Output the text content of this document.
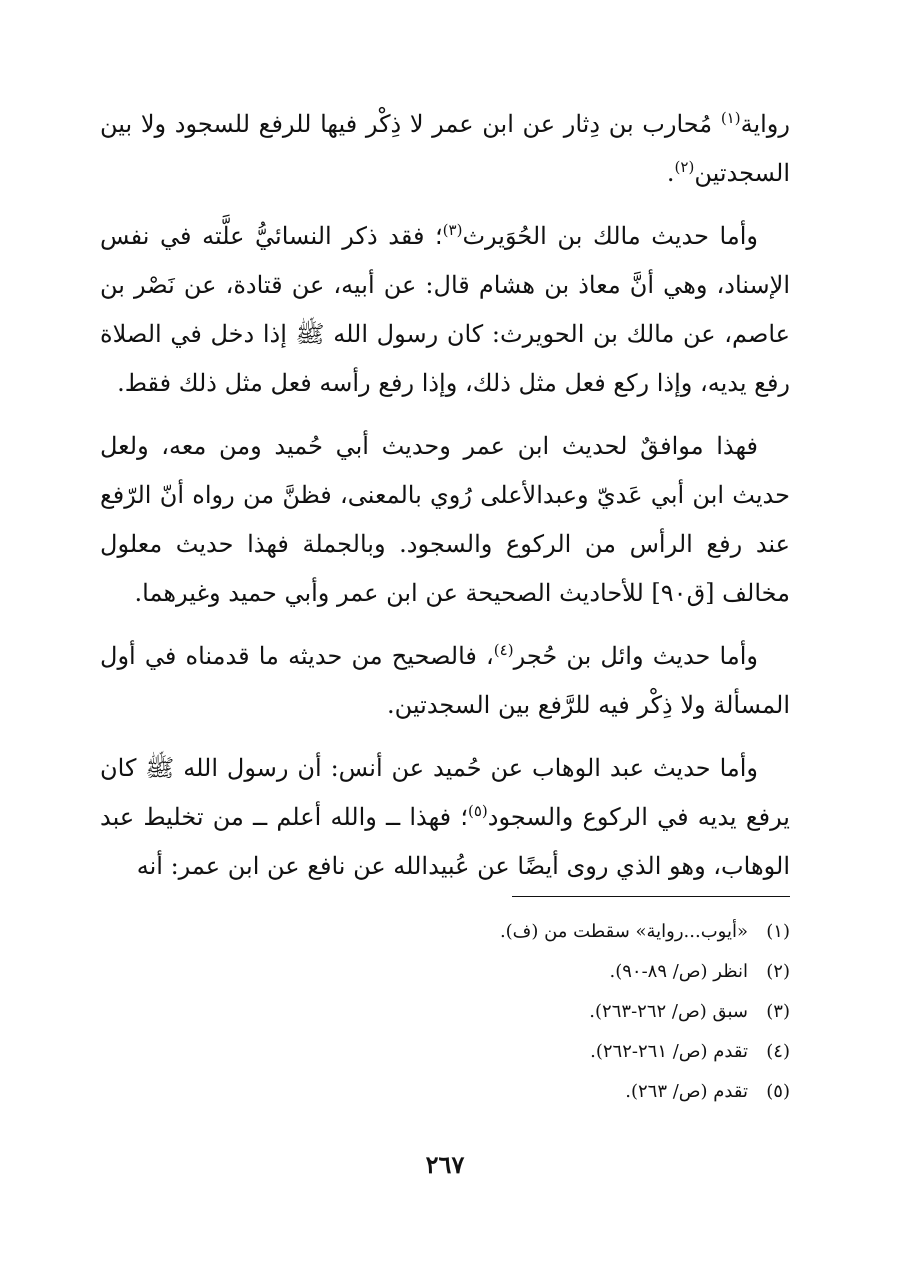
رواية$^{(١)}$ مُحارب بن دِثار عن ابن عمر لا ذِكْر فيها للرفع للسجود ولا بين السجدتين$^{(٢)}$.

وأما حديث مالك بن الحُوَيرث$^{(٣)}$؛ فقد ذكر النسائيُّ علَّته في نفس الإسناد، وهي أنَّ معاذ بن هشام قال: عن أبيه، عن قتادة، عن نَصْر بن عاصم، عن مالك بن الحويرث: كان رسول الله ﷺ إذا دخل في الصلاة رفع يديه، وإذا ركع فعل مثل ذلك، وإذا رفع رأسه فعل مثل ذلك فقط.

فهذا موافقٌ لحديث ابن عمر وحديث أبي حُميد ومن معه، ولعل حديث ابن أبي عَديّ وعبدالأعلى رُوي بالمعنى، فظنَّ من رواه أنّ الرّفع عند رفع الرأس من الركوع والسجود. وبالجملة فهذا حديث معلول مخالف [ق٩٠] للأحاديث الصحيحة عن ابن عمر وأبي حميد وغيرهما.

وأما حديث وائل بن حُجر$^{(٤)}$، فالصحيح من حديثه ما قدمناه في أول المسألة ولا ذِكْر فيه للرَّفع بين السجدتين.

وأما حديث عبد الوهاب عن حُميد عن أنس: أن رسول الله ﷺ كان يرفع يديه في الركوع والسجود$^{(٥)}$؛ فهذا ــ والله أعلم ــ من تخليط عبد الوهاب، وهو الذي روى أيضًا عن عُبيدالله عن نافع عن ابن عمر: أنه

(١)
«أيوب...رواية» سقطت من (ف).
(٢)
انظر (ص/ ٨٩-٩٠).
(٣)
سبق (ص/ ٢٦٢-٢٦٣).
(٤)
تقدم (ص/ ٢٦١-٢٦٢).
(٥)
تقدم (ص/ ٢٦٣).
٢٦٧
